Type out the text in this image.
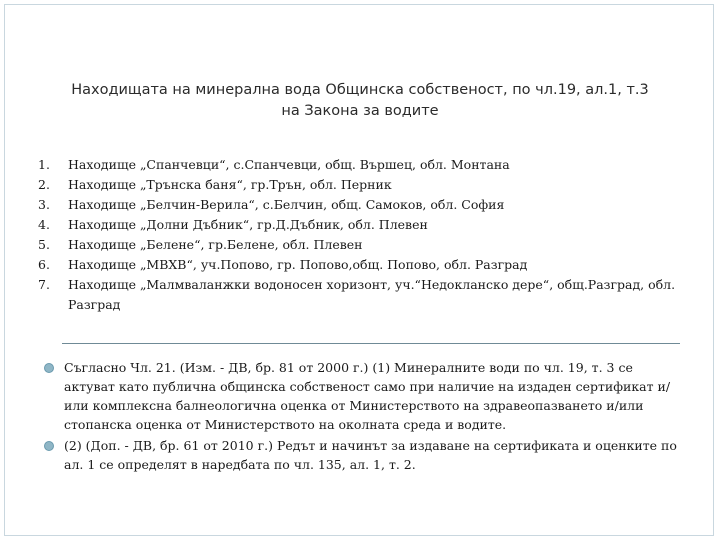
Находищата на минерална вода Общинска собственост, по чл.19, ал.1, т.3
на Закона за водите
1.	Находище „Спанчевци“, с.Спанчевци, общ. Вършец, обл. Монтана
2.	Находище „Трънска баня“, гр.Трън, обл. Перник
3.	Находище „Белчин-Верила“, с.Белчин, общ. Самоков, обл. София
4.	Находище „Долни Дъбник“, гр.Д.Дъбник, обл. Плевен
5.	Находище „Белене“, гр.Белене, обл. Плевен
6.	Находище „МВХВ“, уч.Попово, гр. Попово,общ. Попово, обл. Разград
7.	Находище „Малмваланжки водоносен хоризонт, уч.“Недокланско дере“, общ.Разград, обл. Разград
Съгласно Чл. 21. (Изм. - ДВ, бр. 81 от 2000 г.) (1) Минералните води по чл. 19, т. 3 се актуват като публична общинска собственост само при наличие на издаден сертификат и/или комплексна балнеологична оценка от Министерството на здравеопазването и/или стопанска оценка от Министерството на околната среда и водите.
(2) (Доп. - ДВ, бр. 61 от 2010 г.) Редът и начинът за издаване на сертификата и оценките по ал. 1 се определят в наредбата по чл. 135, ал. 1, т. 2.
